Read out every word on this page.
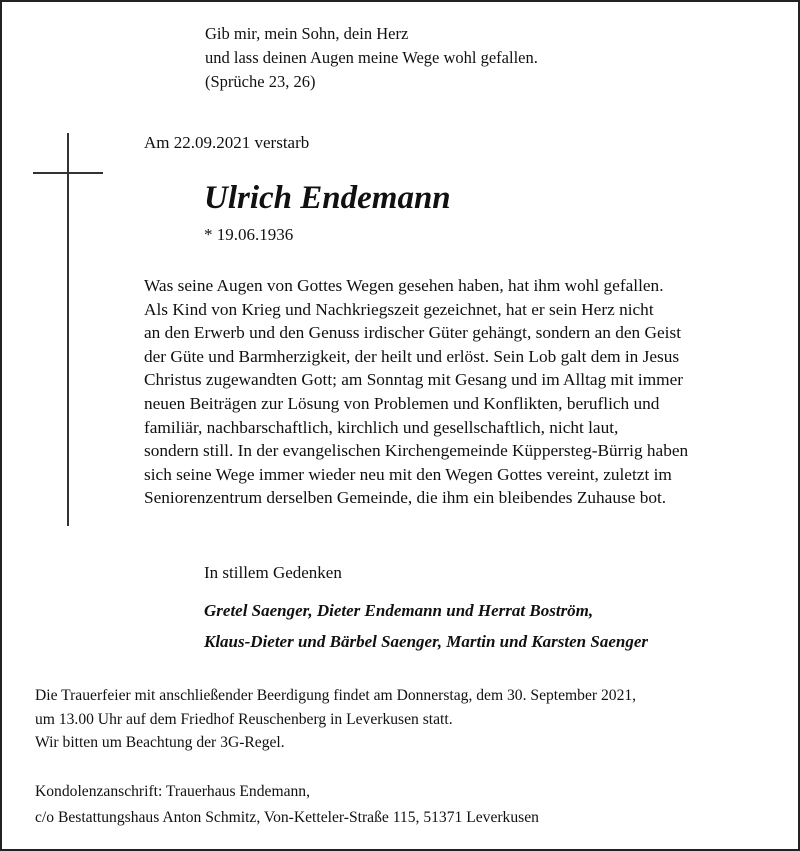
Gib mir, mein Sohn, dein Herz
und lass deinen Augen meine Wege wohl gefallen.
(Sprüche 23, 26)
Am 22.09.2021 verstarb
Ulrich Endemann
* 19.06.1936
Was seine Augen von Gottes Wegen gesehen haben, hat ihm wohl gefallen.
Als Kind von Krieg und Nachkriegszeit gezeichnet, hat er sein Herz nicht
an den Erwerb und den Genuss irdischer Güter gehängt, sondern an den Geist
der Güte und Barmherzigkeit, der heilt und erlöst. Sein Lob galt dem in Jesus
Christus zugewandten Gott; am Sonntag mit Gesang und im Alltag mit immer
neuen Beiträgen zur Lösung von Problemen und Konflikten, beruflich und
familiär, nachbarschaftlich, kirchlich und gesellschaftlich, nicht laut,
sondern still. In der evangelischen Kirchengemeinde Küppersteg-Bürrig haben
sich seine Wege immer wieder neu mit den Wegen Gottes vereint, zuletzt im
Seniorenzentrum derselben Gemeinde, die ihm ein bleibendes Zuhause bot.
In stillem Gedenken
Gretel Saenger, Dieter Endemann und Herrat Boström,
Klaus-Dieter und Bärbel Saenger, Martin und Karsten Saenger
Die Trauerfeier mit anschließender Beerdigung findet am Donnerstag, dem 30. September 2021,
um 13.00 Uhr auf dem Friedhof Reuschenberg in Leverkusen statt.
Wir bitten um Beachtung der 3G-Regel.
Kondolenzanschrift: Trauerhaus Endemann,
c/o Bestattungshaus Anton Schmitz, Von-Ketteler-Straße 115, 51371 Leverkusen
